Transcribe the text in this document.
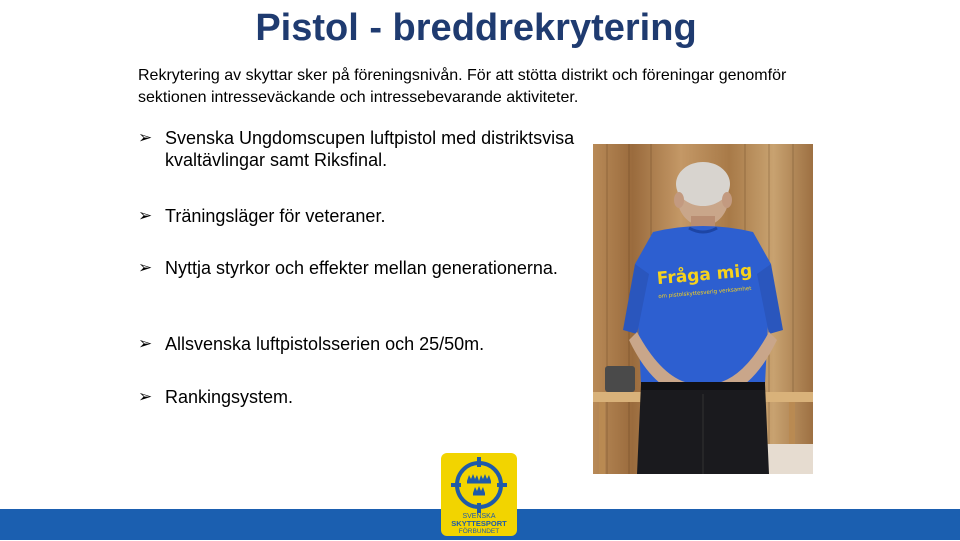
Pistol - breddrekrytering
Rekrytering av skyttar sker på föreningsnivån. För att stötta distrikt och föreningar genomför sektionen intresseväckande och intressebevarande aktiviteter.
➢ Svenska Ungdomscupen luftpistol med distriktsvisa kvaltävlingar samt Riksfinal.
➢ Träningsläger för veteraner.
➢ Nyttja styrkor och effekter mellan generationerna.
➢ Allsvenska luftpistolsserien och 25/50m.
➢ Rankingsystem.
Fråga mig
om pistolskyttesverig verksamhet
SVENSKA
SKYTTESPORT
FÖRBUNDET
